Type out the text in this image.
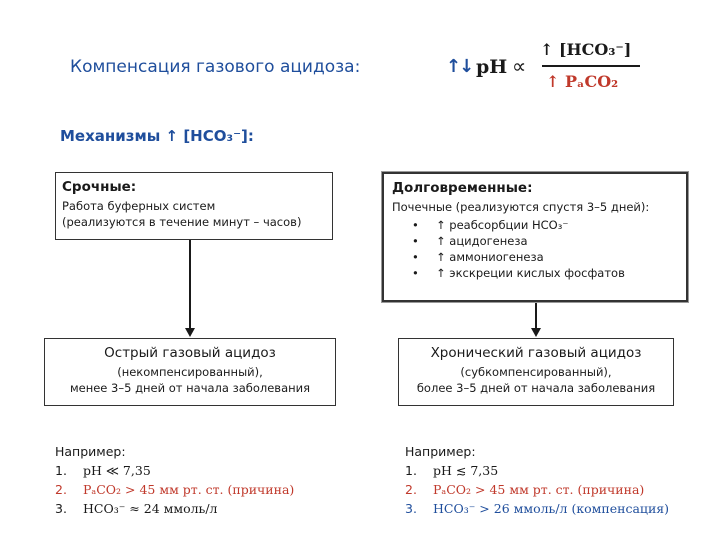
Компенсация газового ацидоза:	↑↓ pH ∝
↑ [HCO₃⁻]
↑ PₐCO₂
Механизмы ↑ [HCO₃⁻]:
Срочные:
Работа буферных систем
(реализуются в течение минут – часов)
Долговременные:
Почечные (реализуются спустя 3–5 дней):
• ↑ реабсорбции HCO₃⁻
• ↑ ацидогенеза
• ↑ аммониогенеза
• ↑ экскреции кислых фосфатов
Острый газовый ацидоз
(некомпенсированный),
менее 3–5 дней от начала заболевания
Хронический газовый ацидоз
(субкомпенсированный),
более 3–5 дней от начала заболевания
Например:
1. pH ≪ 7,35
2. PₐCO₂ > 45 мм рт. ст. (причина)
3. HCO₃⁻ ≈ 24 ммоль/л
Например:
1. pH ≲ 7,35
2. PₐCO₂ > 45 мм рт. ст. (причина)
3. HCO₃⁻ > 26 ммоль/л (компенсация)
